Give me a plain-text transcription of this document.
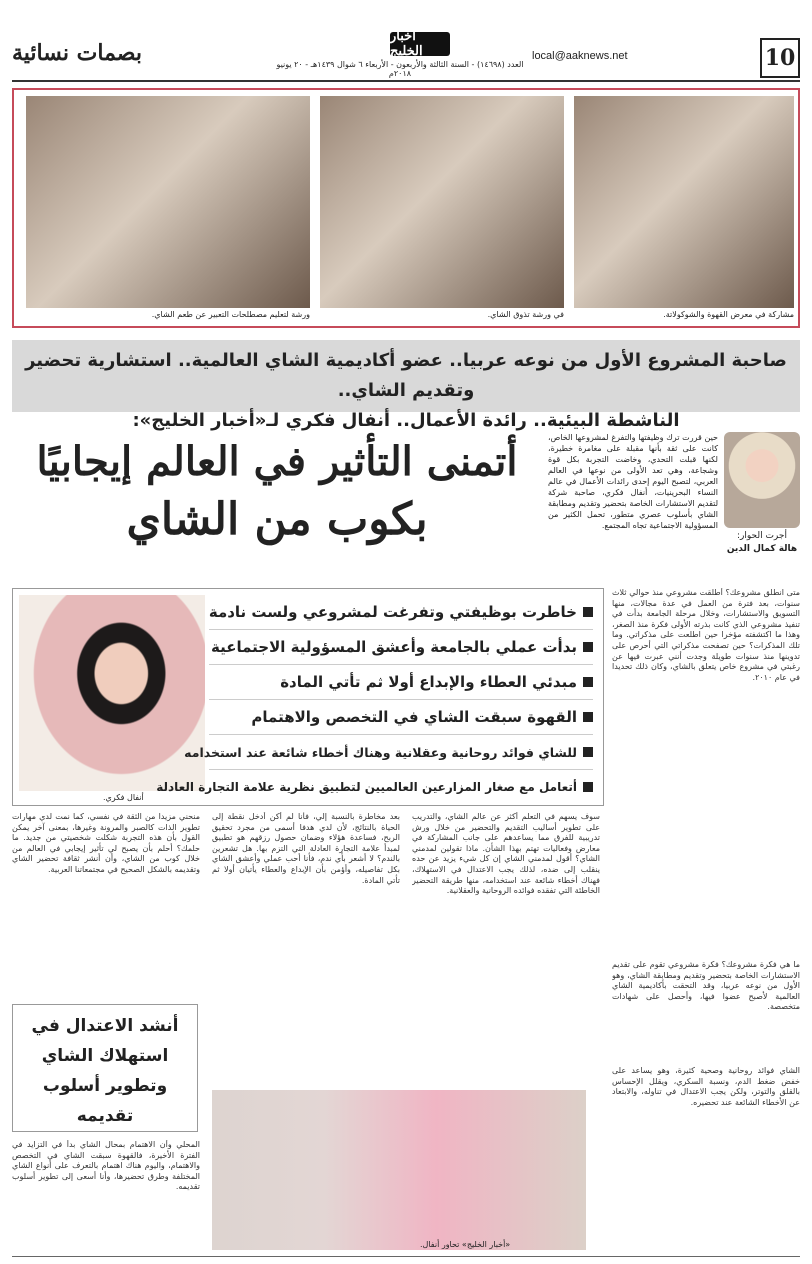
10
local@aaknews.net
أخبار الخليج
العدد (١٤٦٩٨) - السنة الثالثة والأربعون - الأربعاء ٦ شوال ١٤٣٩هـ - ٢٠ يونيو ٢٠١٨م
بصمات نسائية
مشاركة في معرض القهوة والشوكولاتة.
في ورشة تذوق الشاي.
ورشة لتعليم مصطلحات التعبير عن طعم الشاي.
صاحبة المشروع الأول من نوعه عربيا.. عضو أكاديمية الشاي العالمية.. استشارية تحضير وتقديم الشاي..
الناشطة البيئية.. رائدة الأعمال.. أنفال فكري لـ«أخبار الخليج»:
أتمنى التأثير في العالم إيجابيًا
بكوب من الشاي
حين قررت ترك وظيفتها والتفرغ لمشروعها الخاص، كانت على ثقة بأنها مقبلة على مغامرة خطيرة، لكنها قبلت التحدي، وخاضت التجربة بكل قوة وشجاعة، وهي تعد الأولى من نوعها في العالم العربي، لتصبح اليوم إحدى رائدات الأعمال في عالم النساء البحرينيات، أنفال فكري، صاحبة شركة لتقديم الاستشارات الخاصة بتحضير وتقديم ومطابقة الشاي بأسلوب عصري متطور، تحمل الكثير من المسؤولية الاجتماعية تجاه المجتمع.
أجرت الحوار:
هالة كمال الدين
أنفال فكري.
خاطرت بوظيفتي وتفرغت لمشروعي ولست نادمة
بدأت عملي بالجامعة وأعشق المسؤولية الاجتماعية
مبدئي العطاء والإبداع أولا ثم تأتي المادة
القهوة سبقت الشاي في التخصص والاهتمام
للشاي فوائد روحانية وعقلانية وهناك أخطاء شائعة عند استخدامه
أتعامل مع صغار المزارعين العالميين لتطبيق نظرية علامة التجارة العادلة
متى انطلق مشروعك؟ أطلقت مشروعي منذ حوالي ثلاث سنوات، بعد فترة من العمل في عدة مجالات، منها التسويق والاستشارات، وخلال مرحلة الجامعة بدأت في تنفيذ مشروعي الذي كانت بذرته الأولى فكرة منذ الصغر، وهذا ما اكتشفته مؤخرا حين اطلعت على مذكراتي. وما تلك المذكرات؟ حين تصفحت مذكراتي التي أحرص على تدوينها منذ سنوات طويلة وجدت أنني عبرت فيها عن رغبتي في مشروع خاص يتعلق بالشاي، وكان ذلك تحديدا في عام ٢٠١٠.
سوف يسهم في التعلم أكثر عن عالم الشاي، والتدريب على تطوير أساليب التقديم والتحضير من خلال ورش تدريبية للفرق مما يساعدهم على جانب المشاركة في معارض وفعاليات تهتم بهذا الشأن. ماذا تقولين لمدمني الشاي؟ أقول لمدمني الشاي إن كل شيء يزيد عن حده ينقلب إلى ضده، لذلك يجب الاعتدال في الاستهلاك، فهناك أخطاء شائعة عند استخدامه، منها طريقة التحضير الخاطئة التي تفقده فوائده الروحانية والعقلانية.
بعد مخاطرة بالنسبة إلي، فأنا لم أكن أدخل نقطة إلى الحياة بالنتائج، لأن لدي هدفا أسمى من مجرد تحقيق الربح، فساعدة هؤلاء وضمان حصول رزقهم هو تطبيق لمبدأ علامة التجارة العادلة التي التزم بها. هل تشعرين بالندم؟ لا أشعر بأي ندم، فأنا أحب عملي وأعشق الشاي بكل تفاصيله، وأؤمن بأن الإبداع والعطاء يأتيان أولا ثم تأتي المادة.
منحني مزيدا من الثقة في نفسي، كما نمت لدي مهارات تطوير الذات كالصبر والمرونة وغيرها، بمعنى آخر يمكن القول بأن هذه التجربة شكلت شخصيتي من جديد. ما حلمك؟ أحلم بأن يصبح لي تأثير إيجابي في العالم من خلال كوب من الشاي، وأن أنشر ثقافة تحضير الشاي وتقديمه بالشكل الصحيح في مجتمعاتنا العربية.
ما هي فكرة مشروعك؟ فكرة مشروعي تقوم على تقديم الاستشارات الخاصة بتحضير وتقديم ومطابقة الشاي، وهو الأول من نوعه عربيا، وقد التحقت بأكاديمية الشاي العالمية لأصبح عضوا فيها، وأحصل على شهادات متخصصة.
أنشد الاعتدال في استهلاك الشاي وتطوير أسلوب تقديمه
المحلي وأن الاهتمام بمحال الشاي بدأ في التزايد في الفترة الأخيرة، فالقهوة سبقت الشاي في التخصص والاهتمام، واليوم هناك اهتمام بالتعرف على أنواع الشاي المختلفة وطرق تحضيرها، وأنا أسعى إلى تطوير أسلوب تقديمه.
الشاي فوائد روحانية وصحية كثيرة، وهو يساعد على خفض ضغط الدم، ونسبة السكري، ويقلل الإحساس بالقلق والتوتر، ولكن يجب الاعتدال في تناوله، والابتعاد عن الأخطاء الشائعة عند تحضيره.
«أخبار الخليج» تحاور أنفال.
